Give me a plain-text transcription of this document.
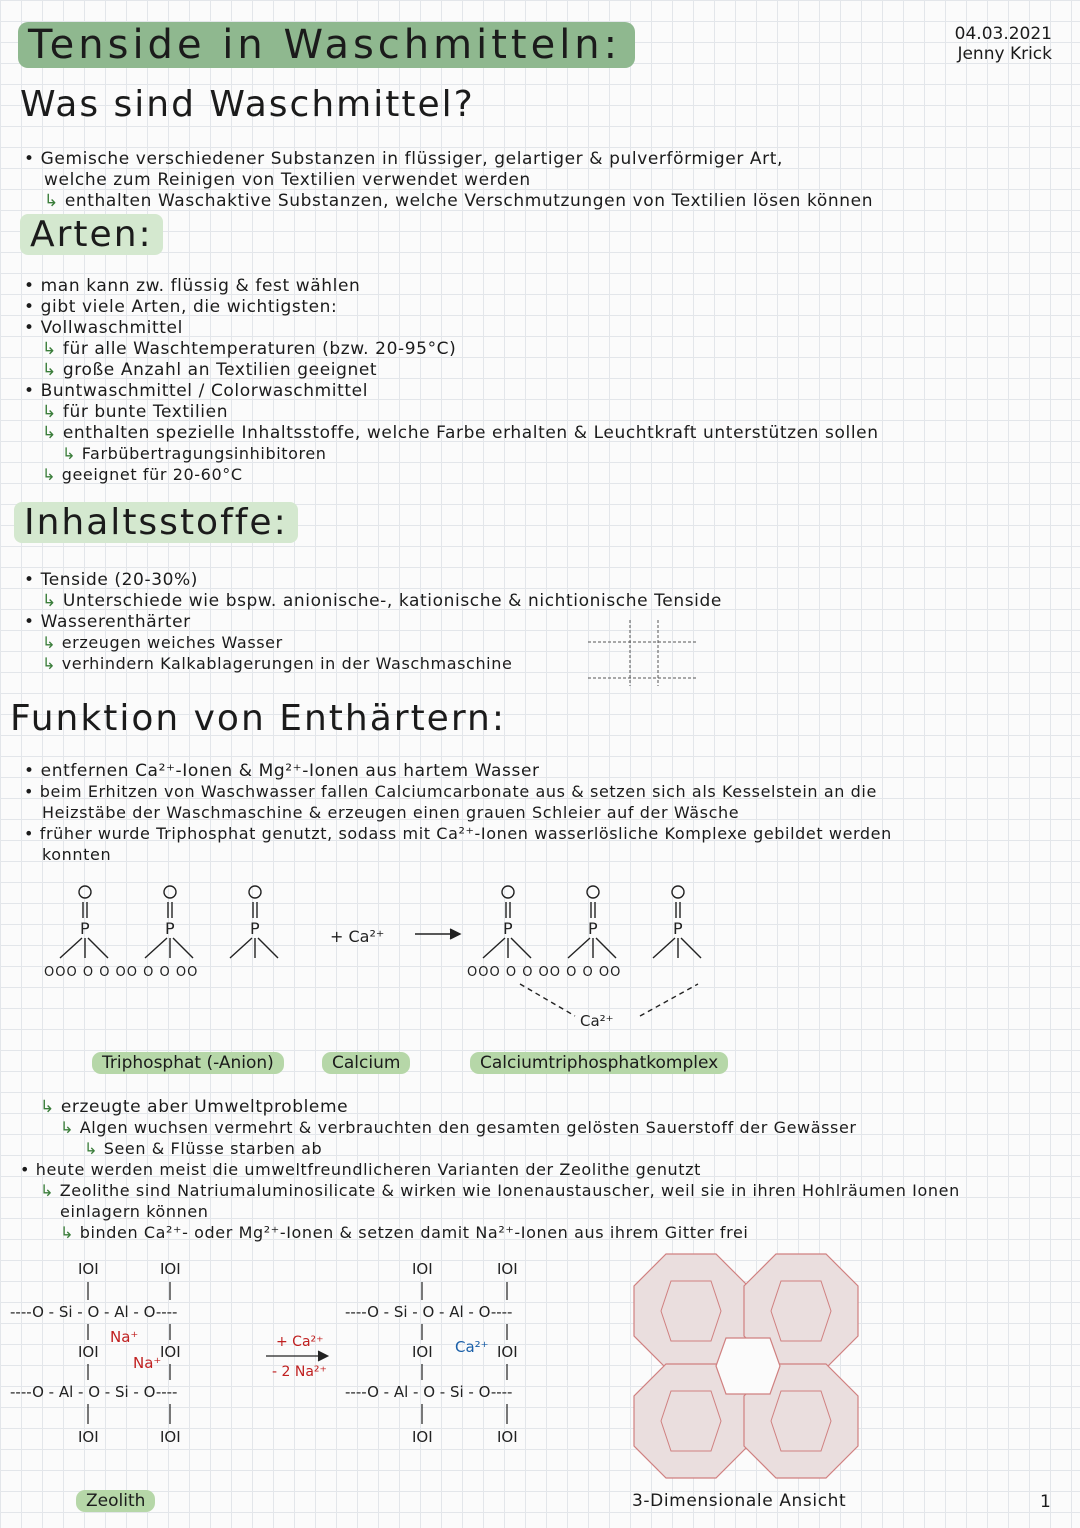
Tenside in Waschmitteln:	04.03.2021
Jenny Krick
Was sind Waschmittel?
• Gemische verschiedener Substanzen in flüssiger, gelartiger & pulverförmiger Art,
welche zum Reinigen von Textilien verwendet werden
↳ enthalten Waschaktive Substanzen, welche Verschmutzungen von Textilien lösen können
Arten:
• man kann zw. flüssig & fest wählen
• gibt viele Arten, die wichtigsten:
• Vollwaschmittel
↳ für alle Waschtemperaturen (bzw. 20-95°C)
↳ große Anzahl an Textilien geeignet
• Buntwaschmittel / Colorwaschmittel
↳ für bunte Textilien
↳ enthalten spezielle Inhaltsstoffe, welche Farbe erhalten & Leuchtkraft unterstützen sollen
↳ Farbübertragungsinhibitoren
↳ geeignet für 20-60°C
Inhaltsstoffe:
• Tenside (20-30%)
↳ Unterschiede wie bspw. anionische-, kationische & nichtionische Tenside
• Wasserenthärter
↳ erzeugen weiches Wasser
↳ verhindern Kalkablagerungen in der Waschmaschine
Funktion von Enthärtern:
• entfernen Ca²⁺-Ionen & Mg²⁺-Ionen aus hartem Wasser
• beim Erhitzen von Waschwasser fallen Calciumcarbonate aus & setzen sich als Kesselstein an die
Heizstäbe der Waschmaschine & erzeugen einen grauen Schleier auf der Wäsche
• früher wurde Triphosphat genutzt, sodass mit Ca²⁺-Ionen wasserlösliche Komplexe gebildet werden
konnten
P	P	P	P	P	P
OOO O O OO O O OO	OOO O O OO O O OO
+ Ca²⁺
Ca²⁺
Triphosphat (-Anion)	Calcium	Calciumtriphosphatkomplex
↳ erzeugte aber Umweltprobleme
↳ Algen wuchsen vermehrt & verbrauchten den gesamten gelösten Sauerstoff der Gewässer
↳ Seen & Flüsse starben ab
• heute werden meist die umweltfreundlicheren Varianten der Zeolithe genutzt
↳ Zeolithe sind Natriumaluminosilicate & wirken wie Ionenaustauscher, weil sie in ihren Hohlräumen Ionen
einlagern können
↳ binden Ca²⁺- oder Mg²⁺-Ionen & setzen damit Na²⁺-Ionen aus ihrem Gitter frei
----O - Si - O - Al - O----
----O - Al - O - Si - O----
IOI	IOI
IOI	IOI
IOI	IOI
Na⁺
Na⁺
----O - Si - O - Al - O----
----O - Al - O - Si - O----
IOI	IOI
IOI	IOI
IOI	IOI
Ca²⁺
+ Ca²⁺
- 2 Na²⁺
Zeolith	3-Dimensionale Ansicht	1
